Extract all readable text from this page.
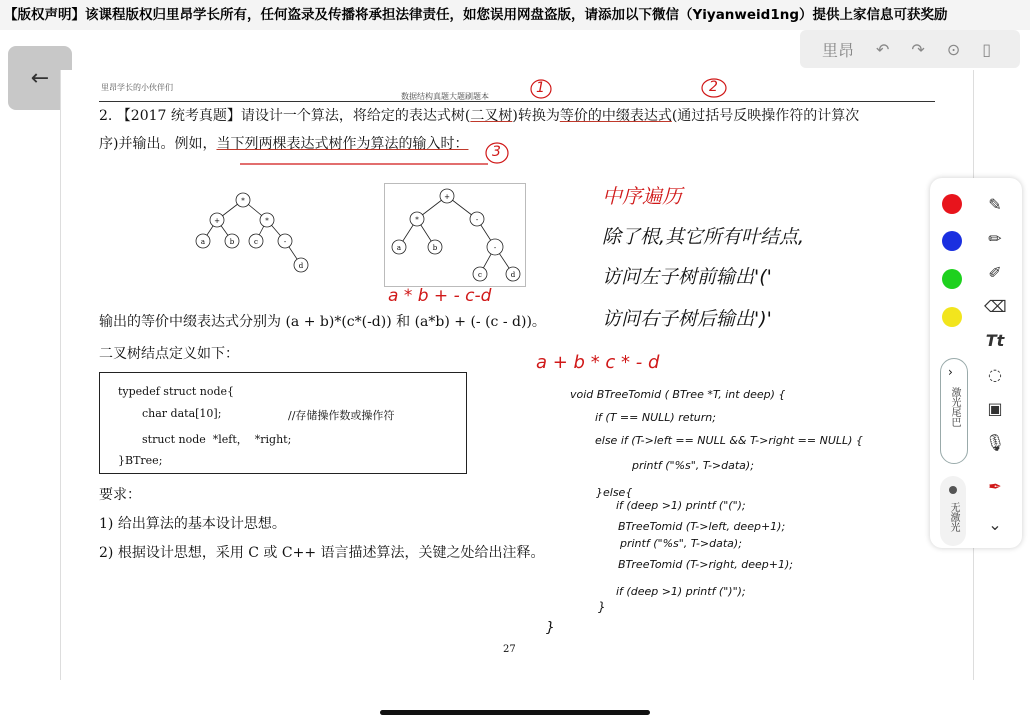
【版权声明】该课程版权归里昂学长所有，任何盗录及传播将承担法律责任，如您误用网盘盗版，请添加以下微信（Yiyanweid1ng）提供上家信息可获奖励
←
里昂 ↶ ↷ ⊙ ▯
里昂学长的小伙伴们
数据结构真题大题刷题本
2. 【2017 统考真题】请设计一个算法，将给定的表达式树(二叉树)转换为等价的中缀表达式(通过括号反映操作符的计算次
序)并输出。例如，当下列两棵表达式树作为算法的输入时：
*
+	*
a	b	c	-
d
+
*	-
a	b	-
c	d
输出的等价中缀表达式分别为 (a + b)*(c*(-d)) 和 (a*b) + (- (c - d))。
二叉树结点定义如下：
typedef struct node{
char data[10];	//存储操作数或操作符
struct node  *left，  *right;
}BTree;
要求：
1) 给出算法的基本设计思想。
2) 根据设计思想，采用 C 或 C++ 语言描述算法，关键之处给出注释。
27
1	2
3
a * b + - c-d
中序遍历
a + b * c * - d
除了根,其它所有叶结点,
访问左子树前输出'('
访问右子树后输出')'
void BTreeTomid ( BTree *T, int deep) {
if (T == NULL) return;
else if (T->left == NULL && T->right == NULL) {
printf ("%s", T->data);
}else{
if (deep >1) printf ("(");
BTreeTomid (T->left, deep+1);
printf ("%s", T->data);
BTreeTomid (T->right, deep+1);
if (deep >1) printf (")");
}
}
✎
✏
✐
⌫
Tt
◌
▣
🎙
✒
⌄
›
激光尾巴
无激光
